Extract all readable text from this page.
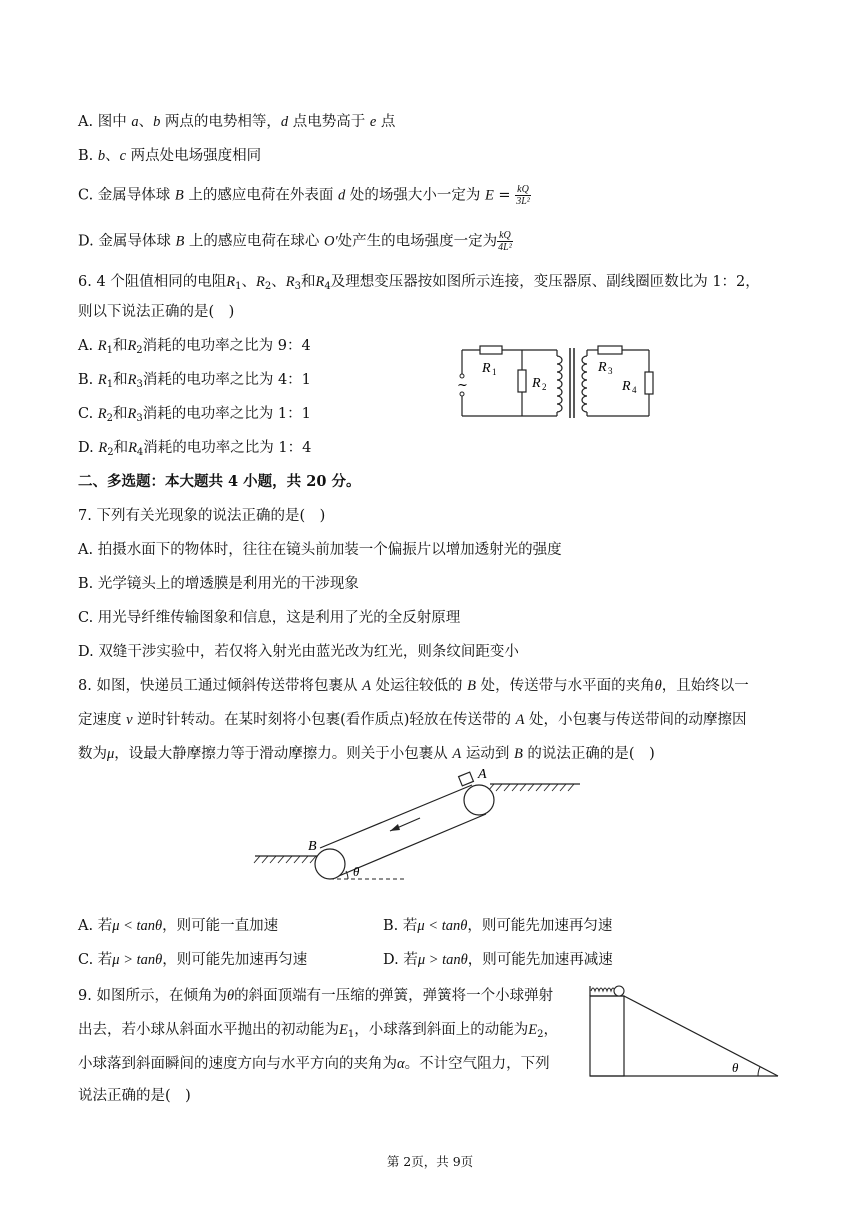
A. 图中 a、b 两点的电势相等，d 点电势高于 e 点
B. b、c 两点处电场强度相同
C. 金属导体球 B 上的感应电荷在外表面 d 处的场强大小一定为 $E = \frac{kQ}{\text{3L²}}$
D. 金属导体球 B 上的感应电荷在球心 O′处产生的电场强度一定为 $\frac{kQ}{\text{4L²}}$
6. 4 个阻值相同的电阻$R_1$、$R_2$、$R_3$和$R_4$及理想变压器按如图所示连接，变压器原、副线圈匝数比为 1：2，
则以下说法正确的是(　)
A. $R_1$和$R_2$消耗的电功率之比为 9：4
B. $R_1$和$R_3$消耗的电功率之比为 4：1
C. $R_2$和$R_3$消耗的电功率之比为 1：1
D. $R_2$和$R_4$消耗的电功率之比为 1：4
~
R 1
R 2
R 3
R 4
二、多选题：本大题共 4 小题，共 20 分。
7. 下列有关光现象的说法正确的是(　)
A. 拍摄水面下的物体时，往往在镜头前加装一个偏振片以增加透射光的强度
B. 光学镜头上的增透膜是利用光的干涉现象
C. 用光导纤维传输图象和信息，这是利用了光的全反射原理
D. 双缝干涉实验中，若仅将入射光由蓝光改为红光，则条纹间距变小
8. 如图，快递员工通过倾斜传送带将包裹从 A 处运往较低的 B 处，传送带与水平面的夹角θ，且始终以一
定速度 v 逆时针转动。在某时刻将小包裹(看作质点)轻放在传送带的 A 处，小包裹与传送带间的动摩擦因
数为μ，设最大静摩擦力等于滑动摩擦力。则关于小包裹从 A 运动到 B 的说法正确的是(　)
A
B
θ
A. 若μ < tanθ，则可能一直加速	B. 若μ < tanθ，则可能先加速再匀速
C. 若μ > tanθ，则可能先加速再匀速	D. 若μ > tanθ，则可能先加速再减速
9. 如图所示，在倾角为θ的斜面顶端有一压缩的弹簧，弹簧将一个小球弹射
出去，若小球从斜面水平抛出的初动能为$E_1$，小球落到斜面上的动能为$E_2$，
小球落到斜面瞬间的速度方向与水平方向的夹角为α。不计空气阻力，下列
说法正确的是(　)
θ
第 2页，共 9页
